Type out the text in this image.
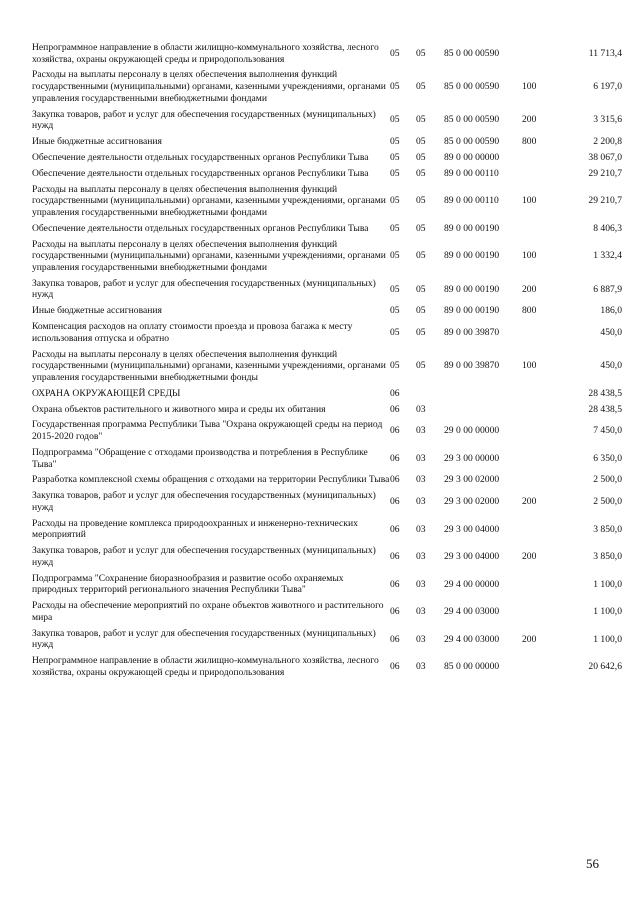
Непрограммное направление в области жилищно-коммунального хозяйства, лесного хозяйства, охраны окружающей среды и природопользования	05	05	85 0 00 00590		11 713,4
Расходы на выплаты персоналу в целях обеспечения выполнения функций государственными (муниципальными) органами, казенными учреждениями, органами управления государственными внебюджетными фондами	05	05	85 0 00 00590	100	6 197,0
Закупка товаров, работ и услуг для обеспечения государственных (муниципальных) нужд	05	05	85 0 00 00590	200	3 315,6
Иные бюджетные ассигнования	05	05	85 0 00 00590	800	2 200,8
Обеспечение деятельности отдельных государственных органов Республики Тыва	05	05	89 0 00 00000		38 067,0
Обеспечение деятельности отдельных государственных органов Республики Тыва	05	05	89 0 00 00110		29 210,7
Расходы на выплаты персоналу в целях обеспечения выполнения функций государственными (муниципальными) органами, казенными учреждениями, органами управления государственными внебюджетными фондами	05	05	89 0 00 00110	100	29 210,7
Обеспечение деятельности отдельных государственных органов Республики Тыва	05	05	89 0 00 00190		8 406,3
Расходы на выплаты персоналу в целях обеспечения выполнения функций государственными (муниципальными) органами, казенными учреждениями, органами управления государственными внебюджетными фондами	05	05	89 0 00 00190	100	1 332,4
Закупка товаров, работ и услуг для обеспечения государственных (муниципальных) нужд	05	05	89 0 00 00190	200	6 887,9
Иные бюджетные ассигнования	05	05	89 0 00 00190	800	186,0
Компенсация расходов на оплату стоимости проезда и провоза багажа к месту использования отпуска и обратно	05	05	89 0 00 39870		450,0
Расходы на выплаты персоналу в целях обеспечения выполнения функций государственными (муниципальными) органами, казенными учреждениями, органами управления государственными внебюджетными фонды	05	05	89 0 00 39870	100	450,0
ОХРАНА ОКРУЖАЮЩЕЙ СРЕДЫ	06				28 438,5
Охрана объектов растительного и животного мира и среды их обитания	06	03			28 438,5
Государственная программа Республики Тыва "Охрана окружающей среды на период 2015-2020 годов"	06	03	29 0 00 00000		7 450,0
Подпрограмма "Обращение с отходами производства и потребления в Республике Тыва"	06	03	29 3 00 00000		6 350,0
Разработка комплексной схемы обращения с отходами на территории Республики Тыва	06	03	29 3 00 02000		2 500,0
Закупка товаров, работ и услуг для обеспечения государственных (муниципальных) нужд	06	03	29 3 00 02000	200	2 500,0
Расходы на проведение комплекса природоохранных и инженерно-технических мероприятий	06	03	29 3 00 04000		3 850,0
Закупка товаров, работ и услуг для обеспечения государственных (муниципальных) нужд	06	03	29 3 00 04000	200	3 850,0
Подпрограмма "Сохранение биоразнообразия и развитие особо охраняемых природных территорий регионального значения Республики Тыва"	06	03	29 4 00 00000		1 100,0
Расходы на обеспечение мероприятий по охране объектов животного и растительного мира	06	03	29 4 00 03000		1 100,0
Закупка товаров, работ и услуг для обеспечения государственных (муниципальных) нужд	06	03	29 4 00 03000	200	1 100,0
Непрограммное направление в области жилищно-коммунального хозяйства, лесного хозяйства, охраны окружающей среды и природопользования	06	03	85 0 00 00000		20 642,6
56
